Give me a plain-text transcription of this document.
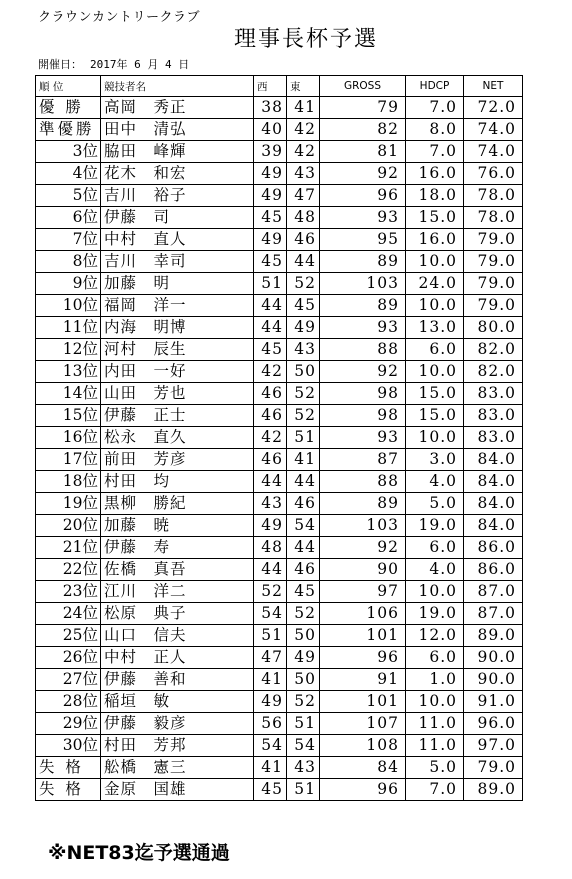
クラウンカントリークラブ
理事長杯予選
開催日： 2017年 6 月 4 日
順 位	競技者名	西	東	GROSS	HDCP	NET
優 勝	高岡　秀正	38	41	79	7.0	72.0
準優勝	田中　清弘	40	42	82	8.0	74.0
3位	脇田　峰輝	39	42	81	7.0	74.0
4位	花木　和宏	49	43	92	16.0	76.0
5位	吉川　裕子	49	47	96	18.0	78.0
6位	伊藤　司	45	48	93	15.0	78.0
7位	中村　直人	49	46	95	16.0	79.0
8位	吉川　幸司	45	44	89	10.0	79.0
9位	加藤　明	51	52	103	24.0	79.0
10位	福岡　洋一	44	45	89	10.0	79.0
11位	内海　明博	44	49	93	13.0	80.0
12位	河村　辰生	45	43	88	6.0	82.0
13位	内田　一好	42	50	92	10.0	82.0
14位	山田　芳也	46	52	98	15.0	83.0
15位	伊藤　正士	46	52	98	15.0	83.0
16位	松永　直久	42	51	93	10.0	83.0
17位	前田　芳彦	46	41	87	3.0	84.0
18位	村田　均	44	44	88	4.0	84.0
19位	黒柳　勝紀	43	46	89	5.0	84.0
20位	加藤　暁	49	54	103	19.0	84.0
21位	伊藤　寿	48	44	92	6.0	86.0
22位	佐橋　真吾	44	46	90	4.0	86.0
23位	江川　洋二	52	45	97	10.0	87.0
24位	松原　典子	54	52	106	19.0	87.0
25位	山口　信夫	51	50	101	12.0	89.0
26位	中村　正人	47	49	96	6.0	90.0
27位	伊藤　善和	41	50	91	1.0	90.0
28位	稲垣　敏	49	52	101	10.0	91.0
29位	伊藤　毅彦	56	51	107	11.0	96.0
30位	村田　芳邦	54	54	108	11.0	97.0
失 格	舩橋　憲三	41	43	84	5.0	79.0
失 格	金原　国雄	45	51	96	7.0	89.0
※NET83迄予選通過
